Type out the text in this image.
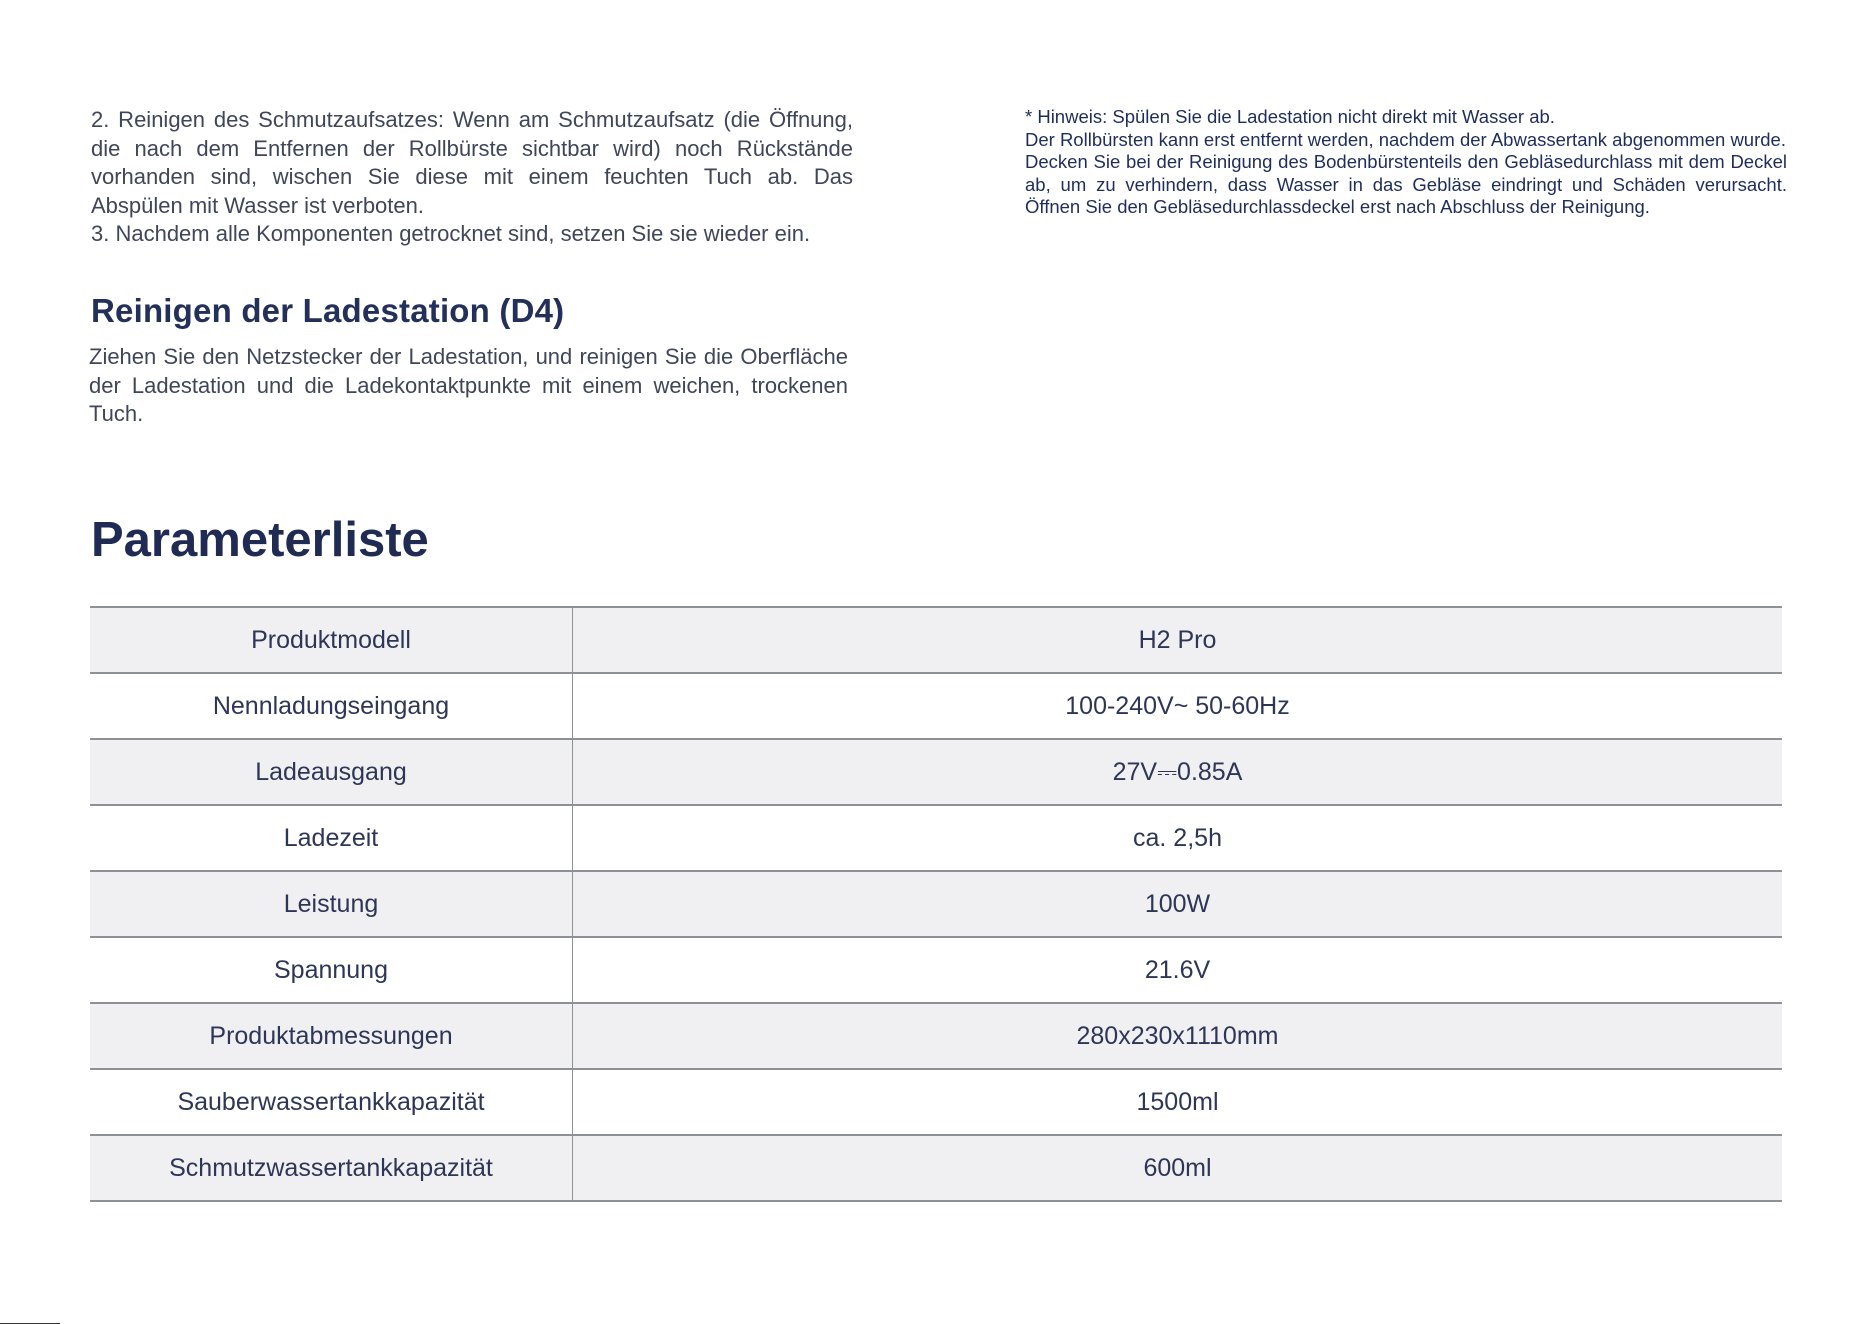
2. Reinigen des Schmutzaufsatzes: Wenn am Schmutzaufsatz (die Öffnung, die nach dem Entfernen der Rollbürste sichtbar wird) noch Rückstände vorhanden sind, wischen Sie diese mit einem feuchten Tuch ab. Das Abspülen mit Wasser ist verboten.

3. Nachdem alle Komponenten getrocknet sind, setzen Sie sie wieder ein.

* Hinweis: Spülen Sie die Ladestation nicht direkt mit Wasser ab.

Der Rollbürsten kann erst entfernt werden, nachdem der Abwassertank abgenommen wurde.

Decken Sie bei der Reinigung des Bodenbürstenteils den Gebläsedurchlass mit dem Deckel ab, um zu verhindern, dass Wasser in das Gebläse eindringt und Schäden verursacht. Öffnen Sie den Gebläsedurchlassdeckel erst nach Abschluss der Reinigung.

Reinigen der Ladestation (D4)
Ziehen Sie den Netzstecker der Ladestation, und reinigen Sie die Oberfläche der Ladestation und die Ladekontaktpunkte mit einem weichen, trockenen Tuch.
Parameterliste
Produktmodell	H2 Pro
Nennladungseingang	100-240V~ 50-60Hz
Ladeausgang	27V⎓0.85A
Ladezeit	ca. 2,5h
Leistung	100W
Spannung	21.6V
Produktabmessungen	280x230x1110mm
Sauberwassertankkapazität	1500ml
Schmutzwassertankkapazität	600ml
